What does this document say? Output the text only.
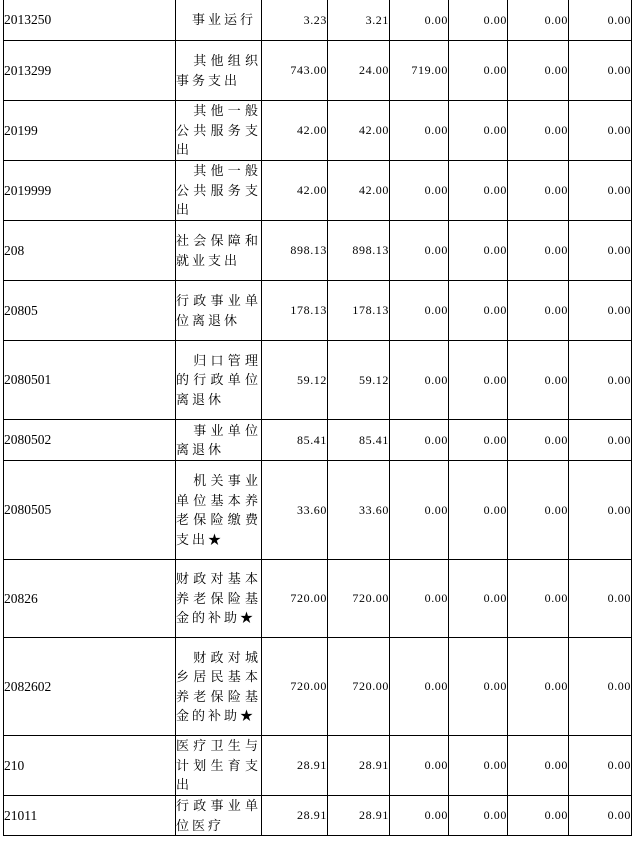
2013250	　事业运行	3.23	3.21	0.00	0.00	0.00	0.00
2013299	　其他组织事务支出	743.00	24.00	719.00	0.00	0.00	0.00
20199	　其他一般公共服务支出	42.00	42.00	0.00	0.00	0.00	0.00
2019999	　其他一般公共服务支出	42.00	42.00	0.00	0.00	0.00	0.00
208	社会保障和就业支出	898.13	898.13	0.00	0.00	0.00	0.00
20805	行政事业单位离退休	178.13	178.13	0.00	0.00	0.00	0.00
2080501	　归口管理的行政单位离退休	59.12	59.12	0.00	0.00	0.00	0.00
2080502	　事业单位离退休	85.41	85.41	0.00	0.00	0.00	0.00
2080505	　机关事业单位基本养老保险缴费支出★	33.60	33.60	0.00	0.00	0.00	0.00
20826	财政对基本养老保险基金的补助★	720.00	720.00	0.00	0.00	0.00	0.00
2082602	　财政对城乡居民基本养老保险基金的补助★	720.00	720.00	0.00	0.00	0.00	0.00
210	医疗卫生与计划生育支出	28.91	28.91	0.00	0.00	0.00	0.00
21011	行政事业单位医疗	28.91	28.91	0.00	0.00	0.00	0.00
